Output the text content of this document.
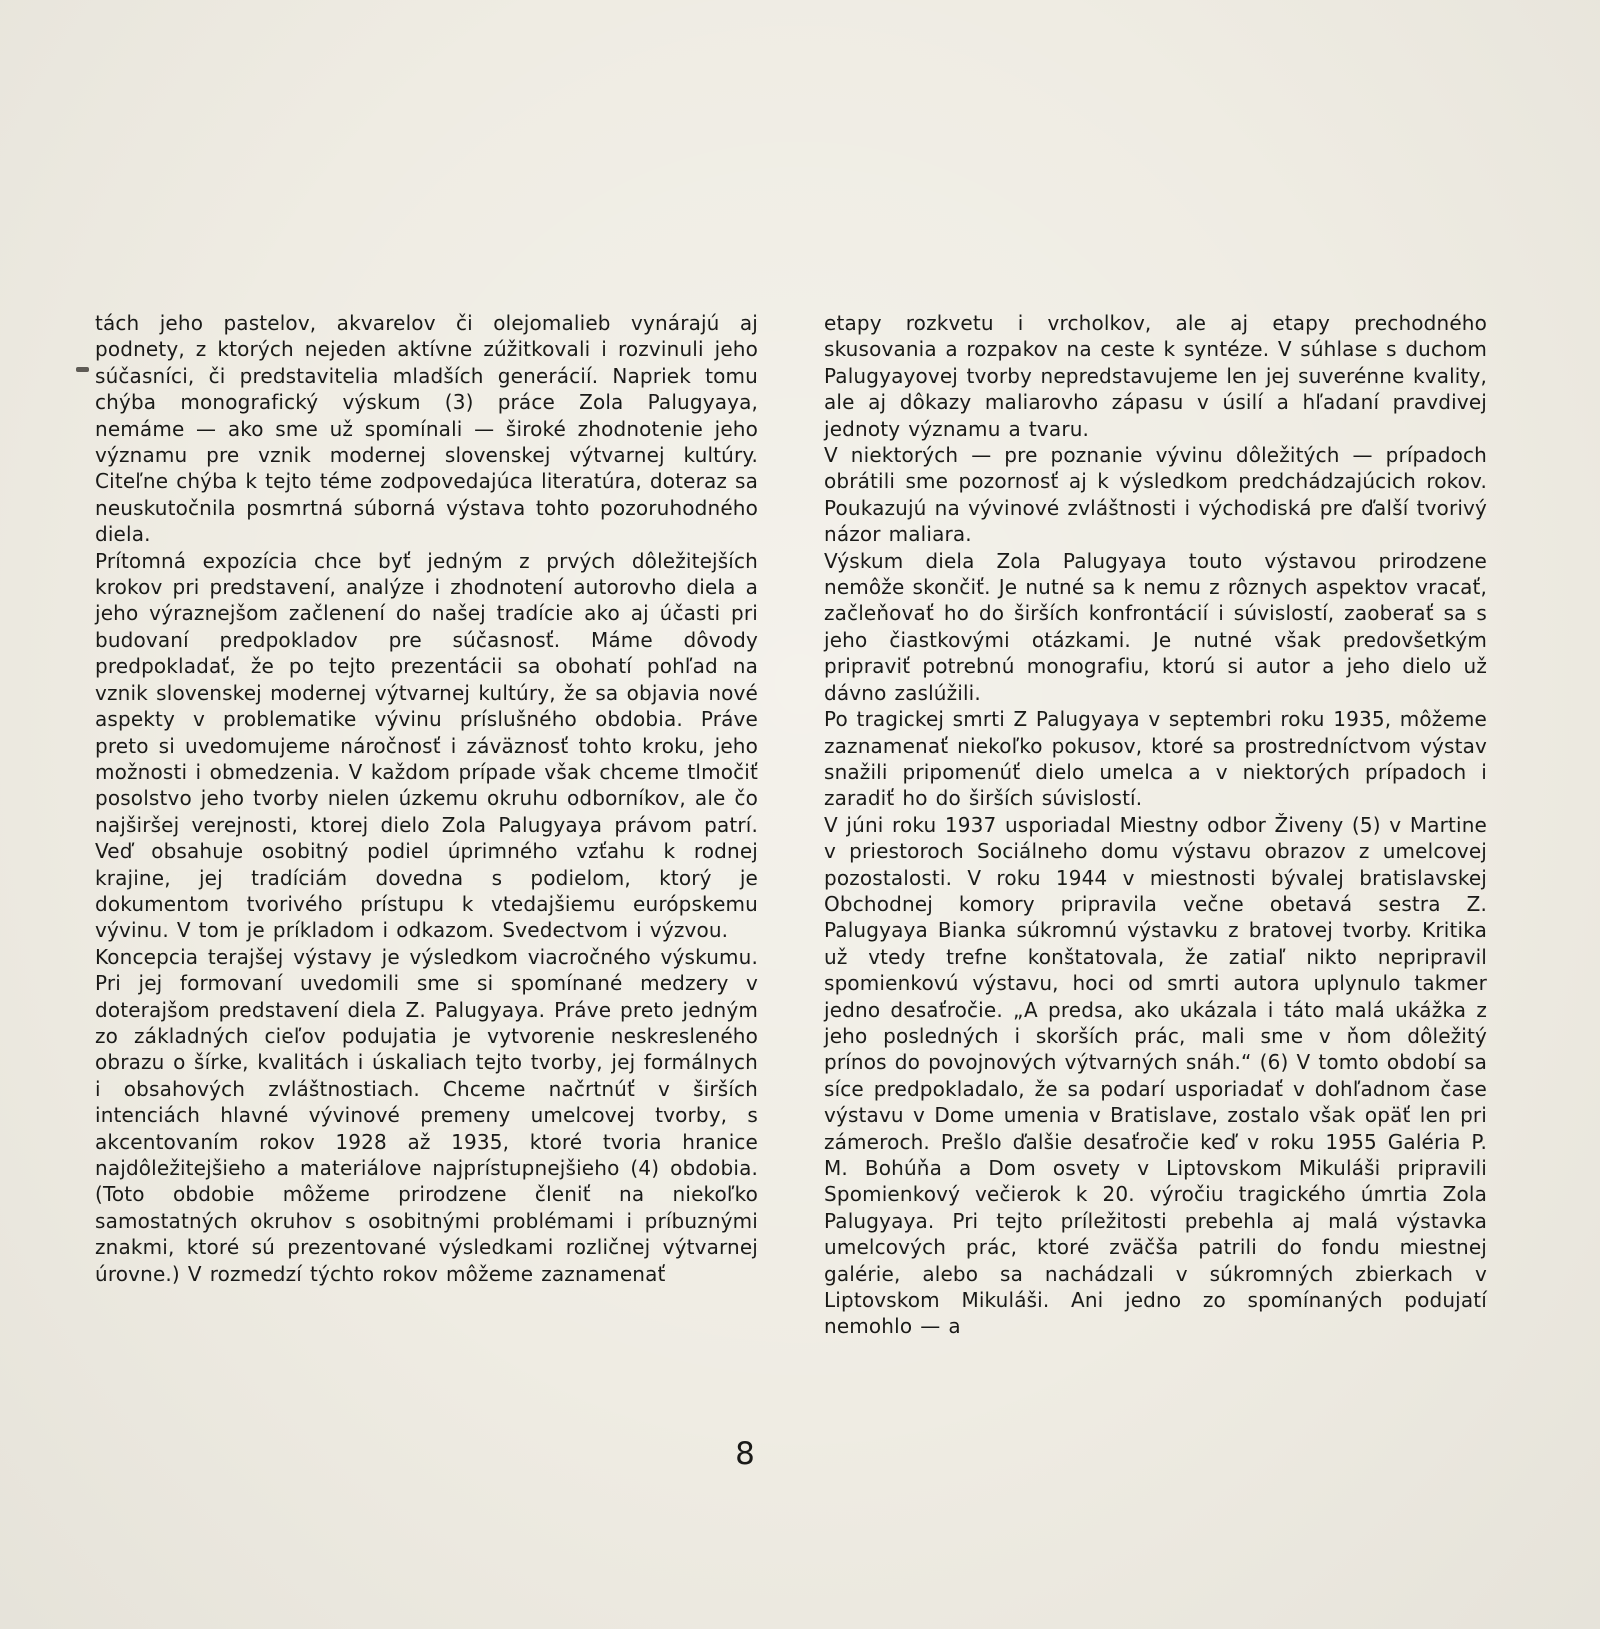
tách jeho pastelov, akvarelov či olejomalieb vynárajú aj podnety, z ktorých nejeden aktívne zúžitkovali i rozvinuli jeho súčasníci, či predstavitelia mladších generácií. Napriek tomu chýba monografický výskum (3) práce Zola Palugyaya, nemáme — ako sme už spomínali — široké zhodnotenie jeho významu pre vznik modernej slovenskej výtvarnej kultúry. Citeľne chýba k tejto téme zodpovedajúca literatúra, doteraz sa neuskutočnila posmrtná súborná výstava tohto pozoruhodného diela.

Prítomná expozícia chce byť jedným z prvých dôležitejších krokov pri predstavení, analýze i zhodnotení autorovho diela a jeho výraznejšom začlenení do našej tradície ako aj účasti pri budovaní predpokladov pre súčasnosť. Máme dôvody predpokladať, že po tejto prezentácii sa obohatí pohľad na vznik slovenskej modernej výtvarnej kultúry, že sa objavia nové aspekty v problematike vývinu príslušného obdobia. Práve preto si uvedomujeme náročnosť i záväznosť tohto kroku, jeho možnosti i obmedzenia. V každom prípade však chceme tlmočiť posolstvo jeho tvorby nielen úzkemu okruhu odborníkov, ale čo najširšej verejnosti, ktorej dielo Zola Palugyaya právom patrí. Veď obsahuje osobitný podiel úprimného vzťahu k rodnej krajine, jej tradíciám dovedna s podielom, ktorý je dokumentom tvorivého prístupu k vtedajšiemu európskemu vývinu. V tom je príkladom i odkazom. Svedectvom i výzvou.

Koncepcia terajšej výstavy je výsledkom viacročného výskumu. Pri jej formovaní uvedomili sme si spomínané medzery v doterajšom predstavení diela Z. Palugyaya. Práve preto jedným zo základných cieľov podujatia je vytvorenie neskresleného obrazu o šírke, kvalitách i úskaliach tejto tvorby, jej formálnych i obsahových zvláštnostiach. Chceme načrtnúť v širších intenciách hlavné vývinové premeny umelcovej tvorby, s akcentovaním rokov 1928 až 1935, ktoré tvoria hranice najdôležitejšieho a materiálove najprístupnejšieho (4) obdobia. (Toto obdobie môžeme prirodzene členiť na niekoľko samostatných okruhov s osobitnými problémami i príbuznými znakmi, ktoré sú prezentované výsledkami rozličnej výtvarnej úrovne.) V rozmedzí týchto rokov môžeme zaznamenať

etapy rozkvetu i vrcholkov, ale aj etapy prechodného skusovania a rozpakov na ceste k syntéze. V súhlase s duchom Palugyayovej tvorby nepredstavujeme len jej suverénne kvality, ale aj dôkazy maliarovho zápasu v úsilí a hľadaní pravdivej jednoty významu a tvaru.

V niektorých — pre poznanie vývinu dôležitých — prípadoch obrátili sme pozornosť aj k výsledkom predchádzajúcich rokov. Poukazujú na vývinové zvláštnosti i východiská pre ďalší tvorivý názor maliara.

Výskum diela Zola Palugyaya touto výstavou prirodzene nemôže skončiť. Je nutné sa k nemu z rôznych aspektov vracať, začleňovať ho do širších konfrontácií i súvislostí, zaoberať sa s jeho čiastkovými otázkami. Je nutné však predovšetkým pripraviť potrebnú monografiu, ktorú si autor a jeho dielo už dávno zaslúžili.

Po tragickej smrti Z Palugyaya v septembri roku 1935, môžeme zaznamenať niekoľko pokusov, ktoré sa prostredníctvom výstav snažili pripomenúť dielo umelca a v niektorých prípadoch i zaradiť ho do širších súvislostí.

V júni roku 1937 usporiadal Miestny odbor Živeny (5) v Martine v priestoroch Sociálneho domu výstavu obrazov z umelcovej pozostalosti. V roku 1944 v miestnosti bývalej bratislavskej Obchodnej komory pripravila večne obetavá sestra Z. Palugyaya Bianka súkromnú výstavku z bratovej tvorby. Kritika už vtedy trefne konštatovala, že zatiaľ nikto nepripravil spomienkovú výstavu, hoci od smrti autora uplynulo takmer jedno desaťročie. „A predsa, ako ukázala i táto malá ukážka z jeho posledných i skorších prác, mali sme v ňom dôležitý prínos do povojnových výtvarných snáh.“ (6) V tomto období sa síce predpokladalo, že sa podarí usporiadať v dohľadnom čase výstavu v Dome umenia v Bratislave, zostalo však opäť len pri zámeroch. Prešlo ďalšie desaťročie keď v roku 1955 Galéria P. M. Bohúňa a Dom osvety v Liptovskom Mikuláši pripravili Spomienkový večierok k 20. výročiu tragického úmrtia Zola Palugyaya. Pri tejto príležitosti prebehla aj malá výstavka umelcových prác, ktoré zväčša patrili do fondu miestnej galérie, alebo sa nachádzali v súkromných zbierkach v Liptovskom Mikuláši. Ani jedno zo spomínaných podujatí nemohlo — a

8
